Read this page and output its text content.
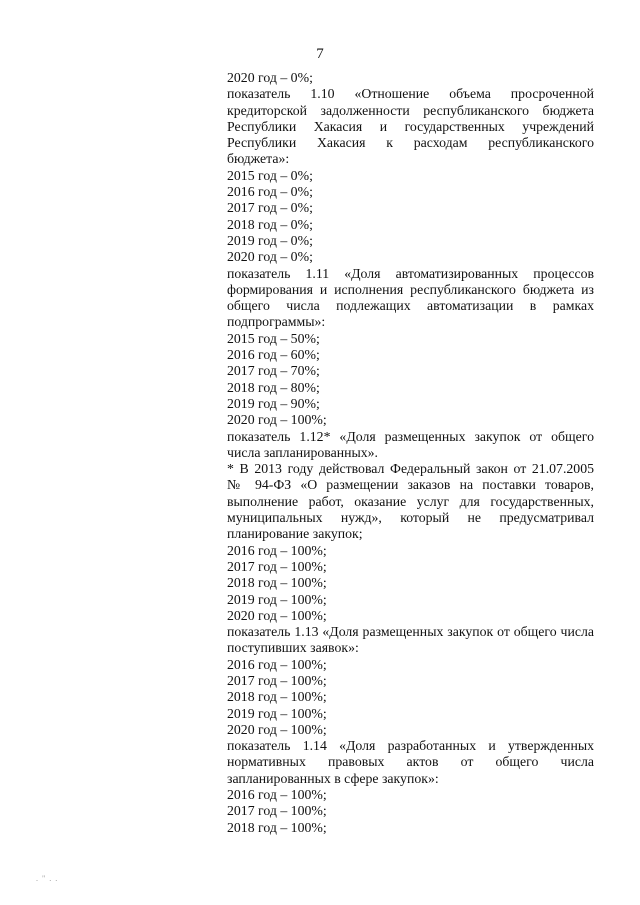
7
2020 год – 0%;
показатель 1.10 «Отношение объема просроченной
кредиторской задолженности республиканского бюджета
Республики Хакасия и государственных учреждений
Республики Хакасия к расходам республиканского
бюджета»:
2015 год – 0%;
2016 год – 0%;
2017 год – 0%;
2018 год – 0%;
2019 год – 0%;
2020 год – 0%;
показатель 1.11 «Доля автоматизированных процессов
формирования и исполнения республиканского бюджета из
общего числа подлежащих автоматизации в рамках
подпрограммы»:
2015 год – 50%;
2016 год – 60%;
2017 год – 70%;
2018 год – 80%;
2019 год – 90%;
2020 год – 100%;
показатель 1.12* «Доля размещенных закупок от общего
числа запланированных».
* В 2013 году действовал Федеральный закон от 21.07.2005
№ 94-ФЗ «О размещении заказов на поставки товаров,
выполнение работ, оказание услуг для государственных,
муниципальных нужд», который не предусматривал
планирование закупок;
2016 год – 100%;
2017 год – 100%;
2018 год – 100%;
2019 год – 100%;
2020 год – 100%;
показатель 1.13 «Доля размещенных закупок от общего числа
поступивших заявок»:
2016 год – 100%;
2017 год – 100%;
2018 год – 100%;
2019 год – 100%;
2020 год – 100%;
показатель 1.14 «Доля разработанных и утвержденных
нормативных правовых актов от общего числа
запланированных в сфере закупок»:
2016 год – 100%;
2017 год – 100%;
2018 год – 100%;
. " . .
